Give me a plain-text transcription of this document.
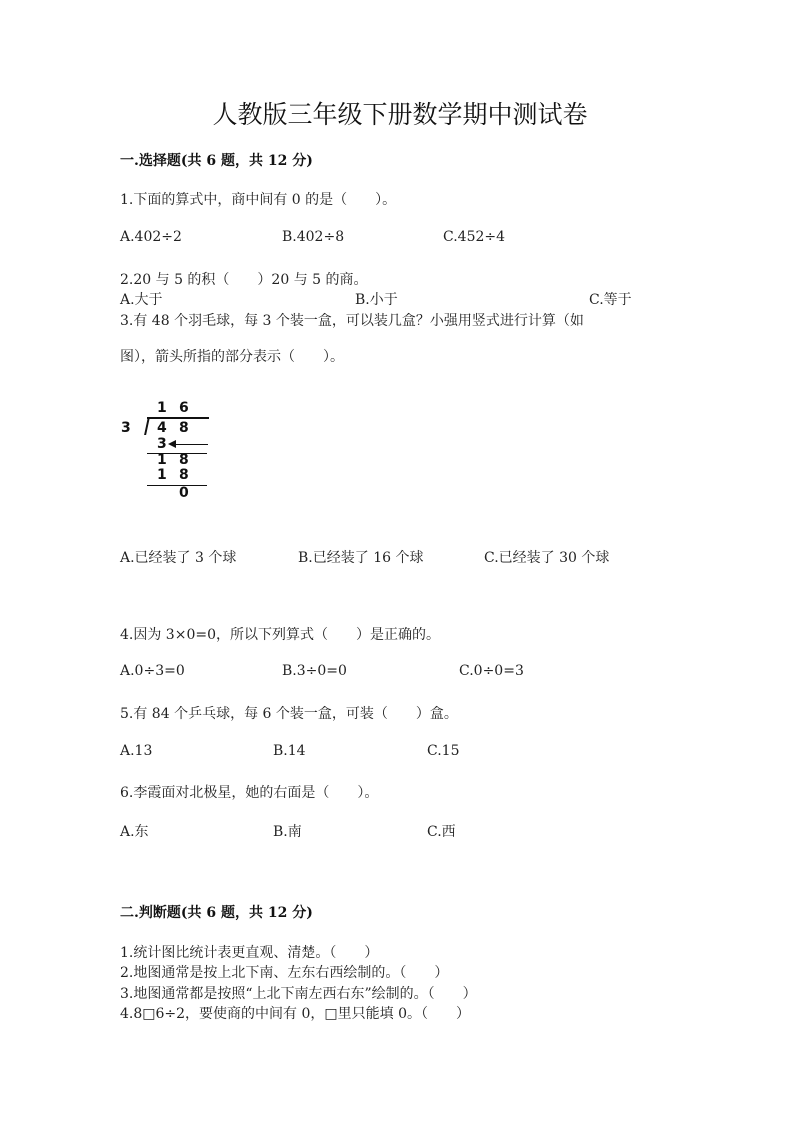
人教版三年级下册数学期中测试卷
一.选择题(共 6 题，共 12 分)
1.下面的算式中，商中间有 0 的是（　　）。
A.402÷2	B.402÷8	C.452÷4
2.20 与 5 的积（　　）20 与 5 的商。
A.大于	B.小于	C.等于
3.有 48 个羽毛球，每 3 个装一盒，可以装几盒？小强用竖式进行计算（如
图），箭头所指的部分表示（　　）。
1 6
3 4 8
3
1 8
1 8
0
A.已经装了 3 个球	B.已经装了 16 个球	C.已经装了 30 个球
4.因为 3×0=0，所以下列算式（　　）是正确的。
A.0÷3=0	B.3÷0=0	C.0÷0=3
5.有 84 个乒乓球，每 6 个装一盒，可装（　　）盒。
A.13	B.14	C.15
6.李霞面对北极星，她的右面是（　　）。
A.东	B.南	C.西
二.判断题(共 6 题，共 12 分)
1.统计图比统计表更直观、清楚。（　　）
2.地图通常是按上北下南、左东右西绘制的。（　　）
3.地图通常都是按照“上北下南左西右东”绘制的。（　　）
4.8□6÷2，要使商的中间有 0，□里只能填 0。（　　）
